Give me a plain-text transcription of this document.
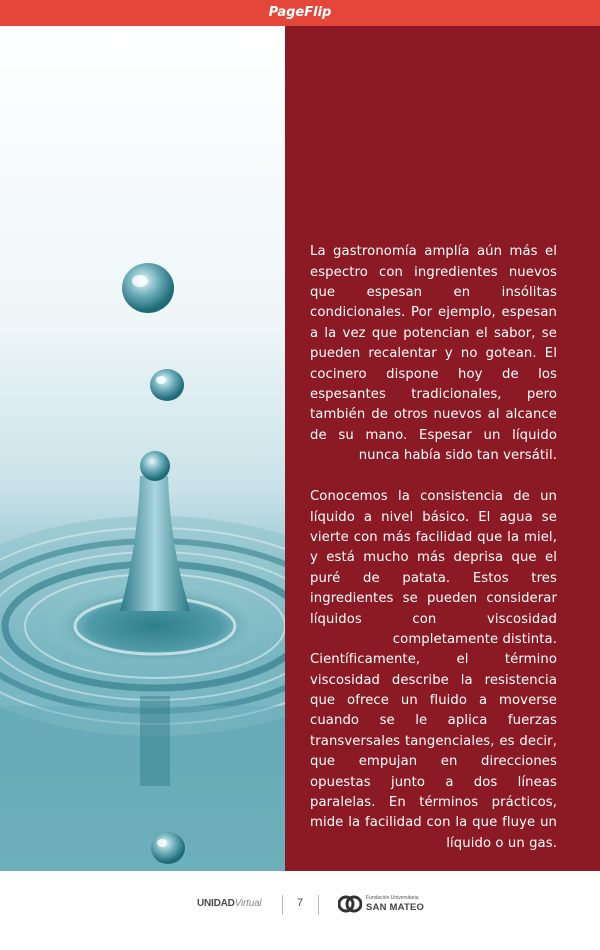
PageFlip

La gastronomía amplía aún más el espectro con ingredientes nuevos que espesan en insólitas condicionales. Por ejemplo, espesan a la vez que potencian el sabor, se pueden recalentar y no gotean. El cocinero dispone hoy de los espesantes tradicionales, pero también de otros nuevos al alcance de su mano. Espesar un líquido nunca había sido tan versátil.

Conocemos la consistencia de un líquido a nivel básico. El agua se vierte con más facilidad que la miel, y está mucho más deprisa que el puré de patata. Estos tres ingredientes se pueden considerar líquidos con viscosidad completamente distinta.

Científicamente, el término viscosidad describe la resistencia que ofrece un fluido a moverse cuando se le aplica fuerzas transversales tangenciales, es decir, que empujan en direcciones opuestas junto a dos líneas paralelas. En términos prácticos, mide la facilidad con la que fluye un líquido o un gas.

UNIDADVirtual	7	Fundación Universitaria
SAN MATEO
